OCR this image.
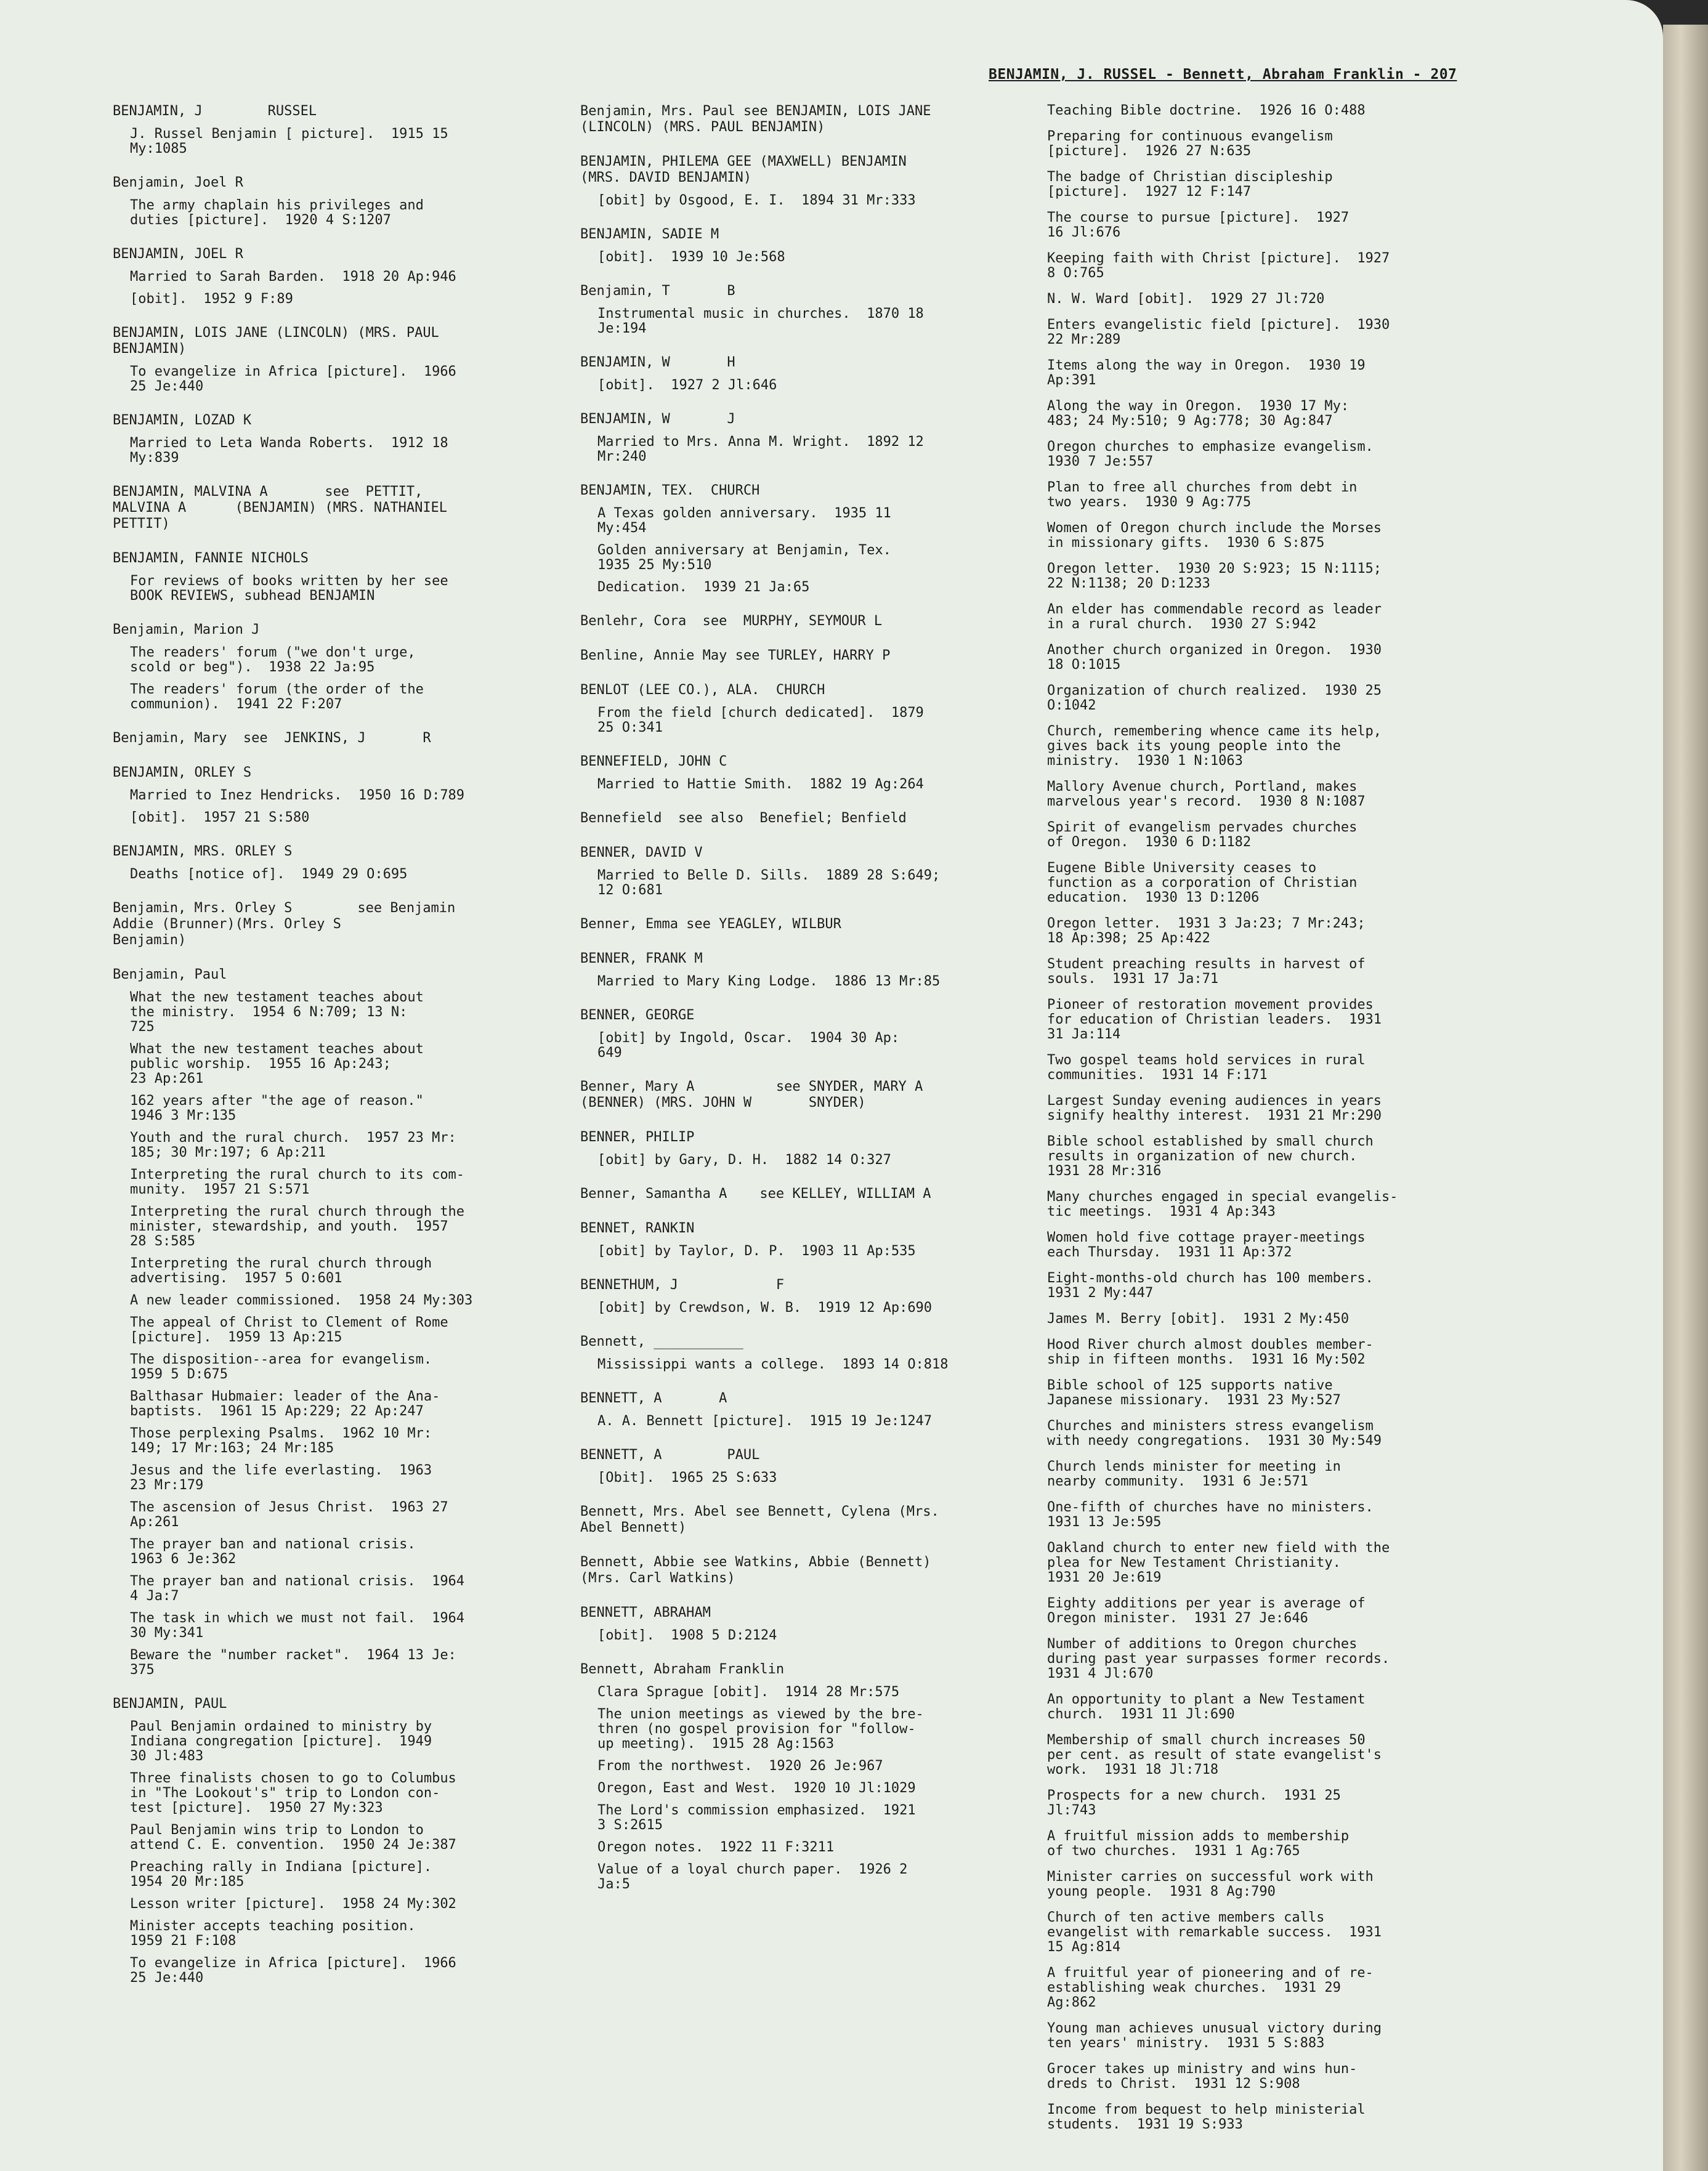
BENJAMIN, J. RUSSEL - Bennett, Abraham Franklin - 207
BENJAMIN, J        RUSSEL
J. Russel Benjamin [ picture].  1915 15
My:1085
Benjamin, Joel R
The army chaplain his privileges and
duties [picture].  1920 4 S:1207
BENJAMIN, JOEL R
Married to Sarah Barden.  1918 20 Ap:946
[obit].  1952 9 F:89
BENJAMIN, LOIS JANE (LINCOLN) (MRS. PAUL
BENJAMIN)
To evangelize in Africa [picture].  1966
25 Je:440
BENJAMIN, LOZAD K
Married to Leta Wanda Roberts.  1912 18
My:839
BENJAMIN, MALVINA A       see  PETTIT,
MALVINA A      (BENJAMIN) (MRS. NATHANIEL
PETTIT)
BENJAMIN, FANNIE NICHOLS
For reviews of books written by her see
BOOK REVIEWS, subhead BENJAMIN
Benjamin, Marion J
The readers' forum ("we don't urge,
scold or beg").  1938 22 Ja:95
The readers' forum (the order of the
communion).  1941 22 F:207
Benjamin, Mary  see  JENKINS, J       R
BENJAMIN, ORLEY S
Married to Inez Hendricks.  1950 16 D:789
[obit].  1957 21 S:580
BENJAMIN, MRS. ORLEY S
Deaths [notice of].  1949 29 O:695
Benjamin, Mrs. Orley S        see Benjamin
Addie (Brunner)(Mrs. Orley S
Benjamin)
Benjamin, Paul
What the new testament teaches about
the ministry.  1954 6 N:709; 13 N:
725
What the new testament teaches about
public worship.  1955 16 Ap:243;
23 Ap:261
162 years after "the age of reason."
1946 3 Mr:135
Youth and the rural church.  1957 23 Mr:
185; 30 Mr:197; 6 Ap:211
Interpreting the rural church to its com-
munity.  1957 21 S:571
Interpreting the rural church through the
minister, stewardship, and youth.  1957
28 S:585
Interpreting the rural church through
advertising.  1957 5 O:601
A new leader commissioned.  1958 24 My:303
The appeal of Christ to Clement of Rome
[picture].  1959 13 Ap:215
The disposition--area for evangelism.
1959 5 D:675
Balthasar Hubmaier: leader of the Ana-
baptists.  1961 15 Ap:229; 22 Ap:247
Those perplexing Psalms.  1962 10 Mr:
149; 17 Mr:163; 24 Mr:185
Jesus and the life everlasting.  1963
23 Mr:179
The ascension of Jesus Christ.  1963 27
Ap:261
The prayer ban and national crisis.
1963 6 Je:362
The prayer ban and national crisis.  1964
4 Ja:7
The task in which we must not fail.  1964
30 My:341
Beware the "number racket".  1964 13 Je:
375
BENJAMIN, PAUL
Paul Benjamin ordained to ministry by
Indiana congregation [picture].  1949
30 Jl:483
Three finalists chosen to go to Columbus
in "The Lookout's" trip to London con-
test [picture].  1950 27 My:323
Paul Benjamin wins trip to London to
attend C. E. convention.  1950 24 Je:387
Preaching rally in Indiana [picture].
1954 20 Mr:185
Lesson writer [picture].  1958 24 My:302
Minister accepts teaching position.
1959 21 F:108
To evangelize in Africa [picture].  1966
25 Je:440
Benjamin, Mrs. Paul see BENJAMIN, LOIS JANE
(LINCOLN) (MRS. PAUL BENJAMIN)
BENJAMIN, PHILEMA GEE (MAXWELL) BENJAMIN
(MRS. DAVID BENJAMIN)
[obit] by Osgood, E. I.  1894 31 Mr:333
BENJAMIN, SADIE M
[obit].  1939 10 Je:568
Benjamin, T       B
Instrumental music in churches.  1870 18
Je:194
BENJAMIN, W       H
[obit].  1927 2 Jl:646
BENJAMIN, W       J
Married to Mrs. Anna M. Wright.  1892 12
Mr:240
BENJAMIN, TEX.  CHURCH
A Texas golden anniversary.  1935 11
My:454
Golden anniversary at Benjamin, Tex.
1935 25 My:510
Dedication.  1939 21 Ja:65
Benlehr, Cora  see  MURPHY, SEYMOUR L
Benline, Annie May see TURLEY, HARRY P
BENLOT (LEE CO.), ALA.  CHURCH
From the field [church dedicated].  1879
25 O:341
BENNEFIELD, JOHN C
Married to Hattie Smith.  1882 19 Ag:264
Bennefield  see also  Benefiel; Benfield
BENNER, DAVID V
Married to Belle D. Sills.  1889 28 S:649;
12 O:681
Benner, Emma see YEAGLEY, WILBUR
BENNER, FRANK M
Married to Mary King Lodge.  1886 13 Mr:85
BENNER, GEORGE
[obit] by Ingold, Oscar.  1904 30 Ap:
649
Benner, Mary A          see SNYDER, MARY A
(BENNER) (MRS. JOHN W       SNYDER)
BENNER, PHILIP
[obit] by Gary, D. H.  1882 14 O:327
Benner, Samantha A    see KELLEY, WILLIAM A
BENNET, RANKIN
[obit] by Taylor, D. P.  1903 11 Ap:535
BENNETHUM, J            F
[obit] by Crewdson, W. B.  1919 12 Ap:690
Bennett, ___________
Mississippi wants a college.  1893 14 O:818
BENNETT, A       A
A. A. Bennett [picture].  1915 19 Je:1247
BENNETT, A        PAUL
[Obit].  1965 25 S:633
Bennett, Mrs. Abel see Bennett, Cylena (Mrs.
Abel Bennett)
Bennett, Abbie see Watkins, Abbie (Bennett)
(Mrs. Carl Watkins)
BENNETT, ABRAHAM
[obit].  1908 5 D:2124
Bennett, Abraham Franklin
Clara Sprague [obit].  1914 28 Mr:575
The union meetings as viewed by the bre-
thren (no gospel provision for "follow-
up meeting).  1915 28 Ag:1563
From the northwest.  1920 26 Je:967
Oregon, East and West.  1920 10 Jl:1029
The Lord's commission emphasized.  1921
3 S:2615
Oregon notes.  1922 11 F:3211
Value of a loyal church paper.  1926 2
Ja:5
Teaching Bible doctrine.  1926 16 O:488
Preparing for continuous evangelism
[picture].  1926 27 N:635
The badge of Christian discipleship
[picture].  1927 12 F:147
The course to pursue [picture].  1927
16 Jl:676
Keeping faith with Christ [picture].  1927
8 O:765
N. W. Ward [obit].  1929 27 Jl:720
Enters evangelistic field [picture].  1930
22 Mr:289
Items along the way in Oregon.  1930 19
Ap:391
Along the way in Oregon.  1930 17 My:
483; 24 My:510; 9 Ag:778; 30 Ag:847
Oregon churches to emphasize evangelism.
1930 7 Je:557
Plan to free all churches from debt in
two years.  1930 9 Ag:775
Women of Oregon church include the Morses
in missionary gifts.  1930 6 S:875
Oregon letter.  1930 20 S:923; 15 N:1115;
22 N:1138; 20 D:1233
An elder has commendable record as leader
in a rural church.  1930 27 S:942
Another church organized in Oregon.  1930
18 O:1015
Organization of church realized.  1930 25
O:1042
Church, remembering whence came its help,
gives back its young people into the
ministry.  1930 1 N:1063
Mallory Avenue church, Portland, makes
marvelous year's record.  1930 8 N:1087
Spirit of evangelism pervades churches
of Oregon.  1930 6 D:1182
Eugene Bible University ceases to
function as a corporation of Christian
education.  1930 13 D:1206
Oregon letter.  1931 3 Ja:23; 7 Mr:243;
18 Ap:398; 25 Ap:422
Student preaching results in harvest of
souls.  1931 17 Ja:71
Pioneer of restoration movement provides
for education of Christian leaders.  1931
31 Ja:114
Two gospel teams hold services in rural
communities.  1931 14 F:171
Largest Sunday evening audiences in years
signify healthy interest.  1931 21 Mr:290
Bible school established by small church
results in organization of new church.
1931 28 Mr:316
Many churches engaged in special evangelis-
tic meetings.  1931 4 Ap:343
Women hold five cottage prayer-meetings
each Thursday.  1931 11 Ap:372
Eight-months-old church has 100 members.
1931 2 My:447
James M. Berry [obit].  1931 2 My:450
Hood River church almost doubles member-
ship in fifteen months.  1931 16 My:502
Bible school of 125 supports native
Japanese missionary.  1931 23 My:527
Churches and ministers stress evangelism
with needy congregations.  1931 30 My:549
Church lends minister for meeting in
nearby community.  1931 6 Je:571
One-fifth of churches have no ministers.
1931 13 Je:595
Oakland church to enter new field with the
plea for New Testament Christianity.
1931 20 Je:619
Eighty additions per year is average of
Oregon minister.  1931 27 Je:646
Number of additions to Oregon churches
during past year surpasses former records.
1931 4 Jl:670
An opportunity to plant a New Testament
church.  1931 11 Jl:690
Membership of small church increases 50
per cent. as result of state evangelist's
work.  1931 18 Jl:718
Prospects for a new church.  1931 25
Jl:743
A fruitful mission adds to membership
of two churches.  1931 1 Ag:765
Minister carries on successful work with
young people.  1931 8 Ag:790
Church of ten active members calls
evangelist with remarkable success.  1931
15 Ag:814
A fruitful year of pioneering and of re-
establishing weak churches.  1931 29
Ag:862
Young man achieves unusual victory during
ten years' ministry.  1931 5 S:883
Grocer takes up ministry and wins hun-
dreds to Christ.  1931 12 S:908
Income from bequest to help ministerial
students.  1931 19 S:933
